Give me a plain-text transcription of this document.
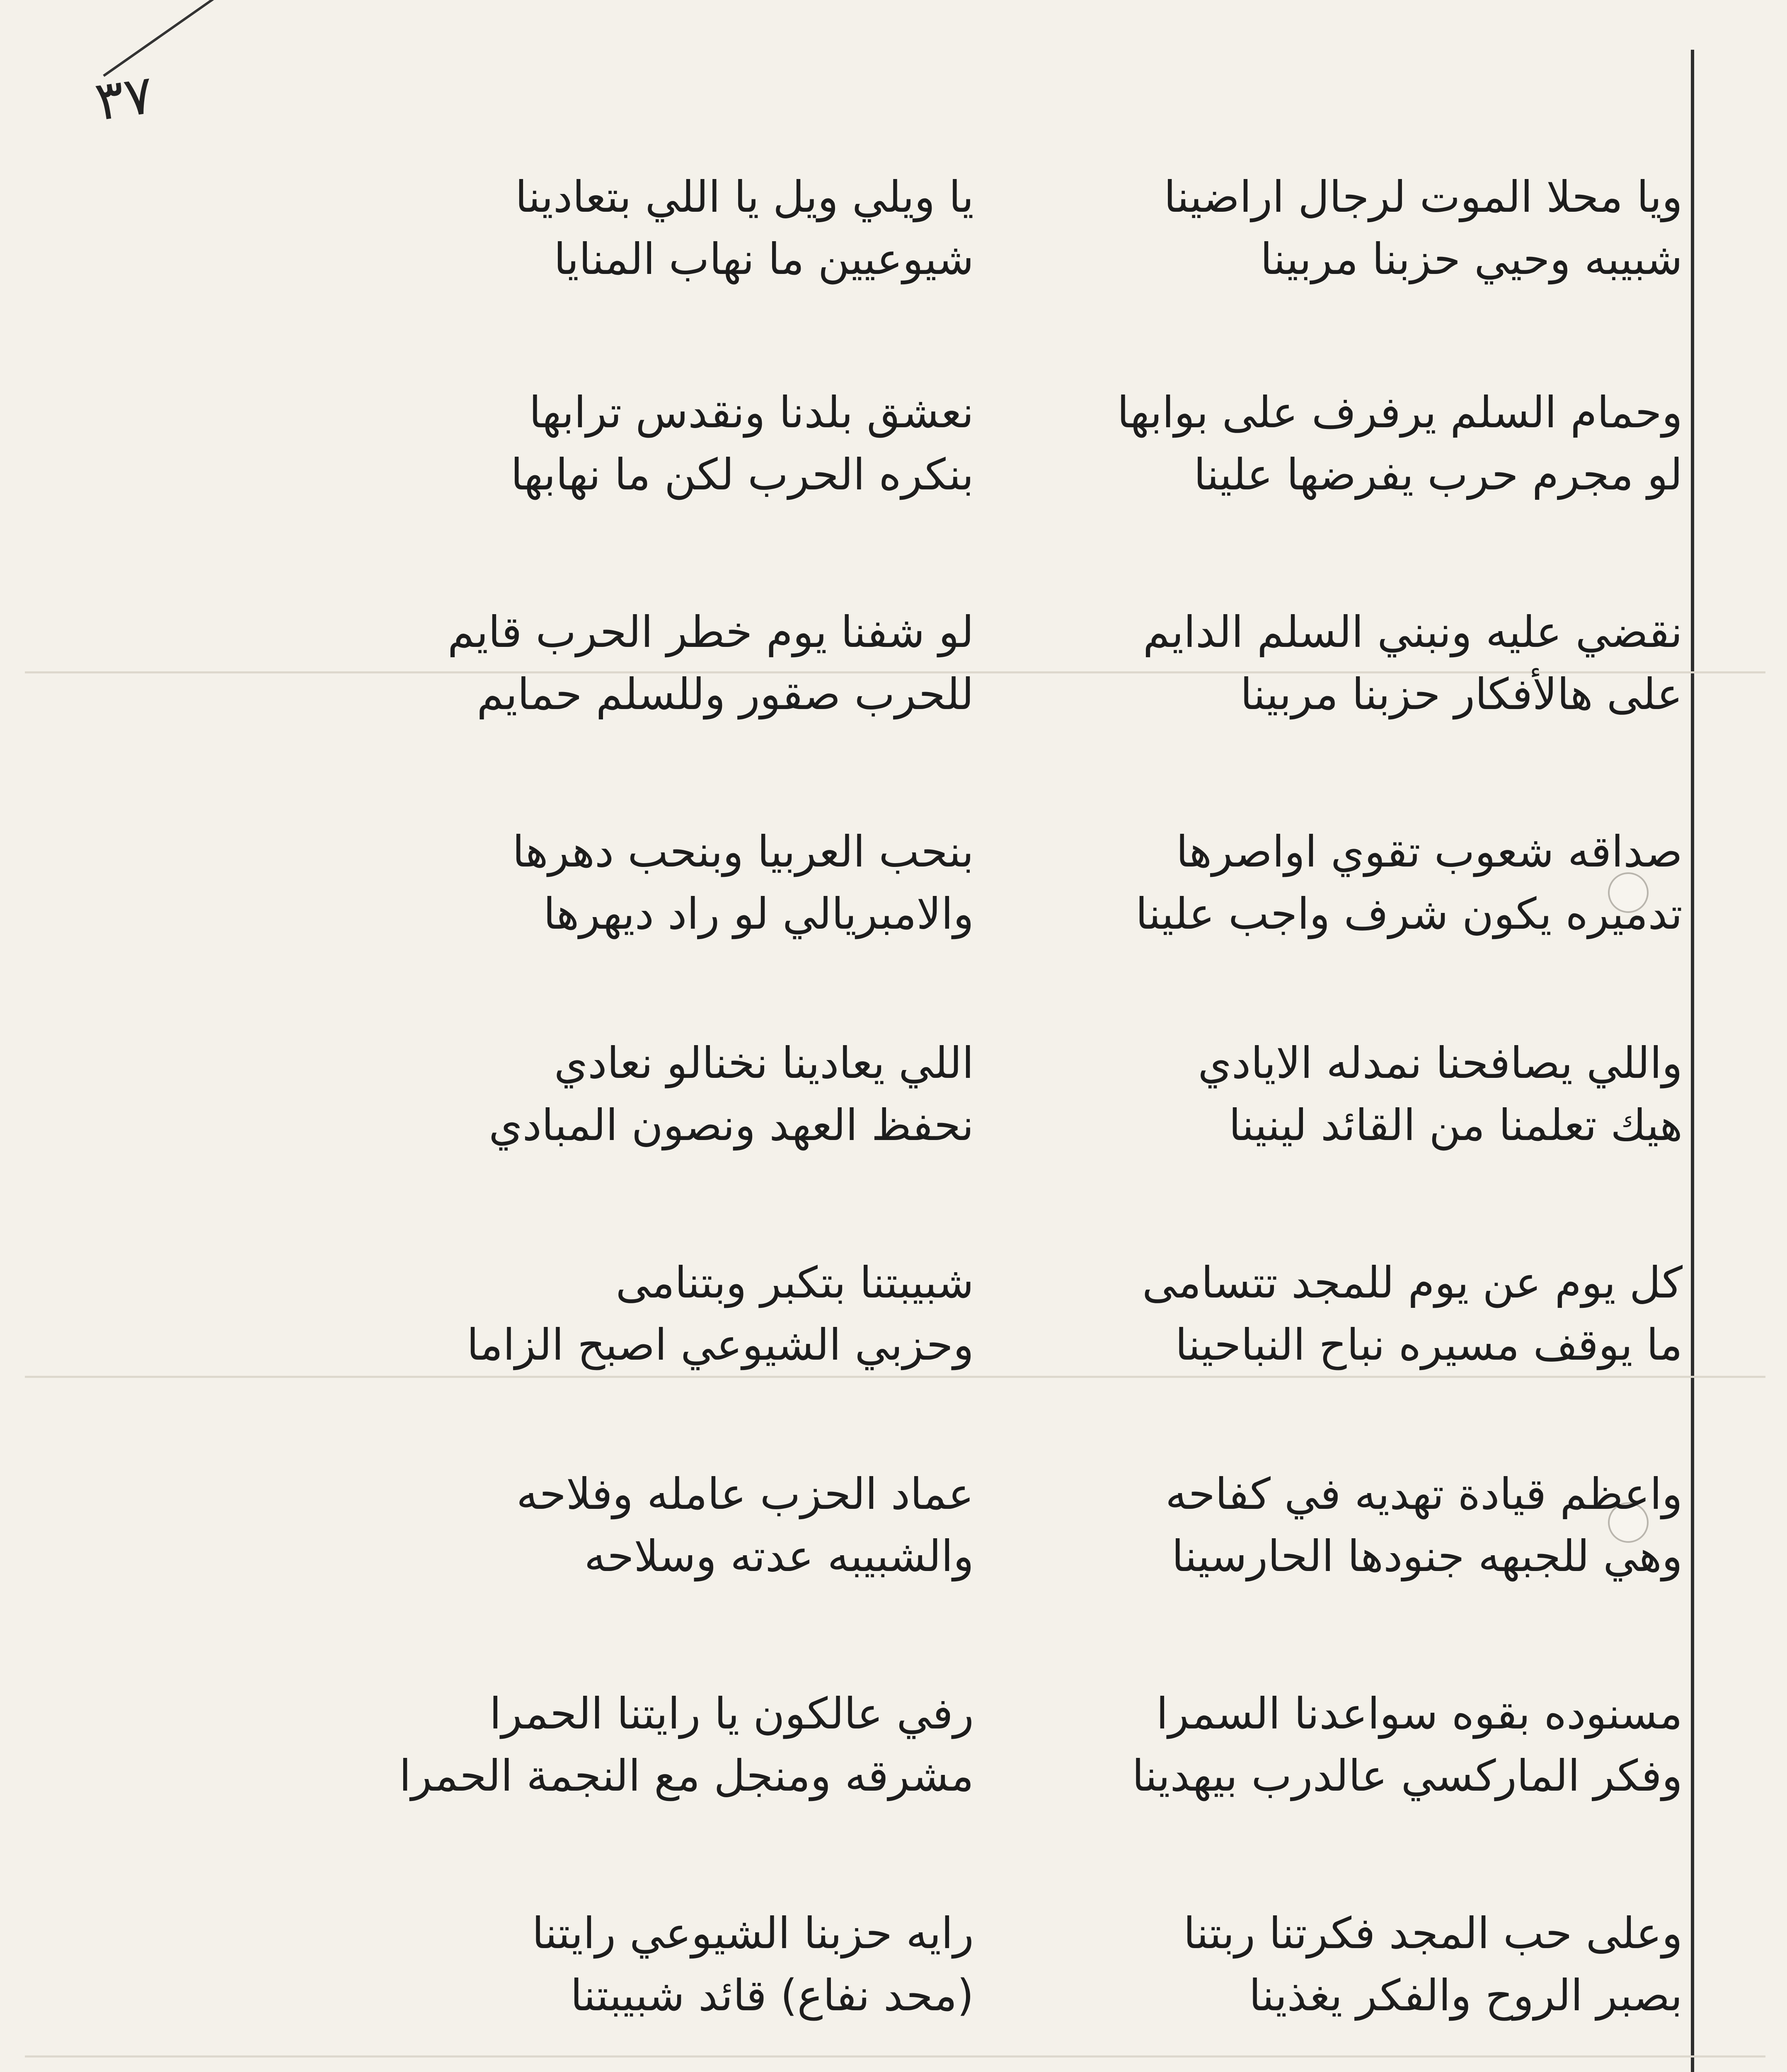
٣٧
يا ويلي ويل يا اللي بتعادينا	ويا محلا الموت لرجال اراضينا
شيوعيين ما نهاب المنايا	شبيبه وحيي حزبنا مربينا
نعشق بلدنا ونقدس ترابها	وحمام السلم يرفرف على بوابها
بنكره الحرب لكن ما نهابها	لو مجرم حرب يفرضها علينا
لو شفنا يوم خطر الحرب قايم	نقضي عليه ونبني السلم الدايم
للحرب صقور وللسلم حمايم	على هالأفكار حزبنا مربينا
بنحب العربيا وبنحب دهرها	صداقه شعوب تقوي اواصرها
والامبريالي لو راد ديهرها	تدميره يكون شرف واجب علينا
اللي يعادينا نخنالو نعادي	واللي يصافحنا نمدله الايادي
نحفظ العهد ونصون المبادي	هيك تعلمنا من القائد لينينا
شبيبتنا بتكبر وبتنامى	كل يوم عن يوم للمجد تتسامى
وحزبي الشيوعي اصبح الزاما	ما يوقف مسيره نباح النباحينا
عماد الحزب عامله وفلاحه	واعظم قيادة تهديه في كفاحه
والشبيبه عدته وسلاحه	وهي للجبهه جنودها الحارسينا
رفي عالكون يا رايتنا الحمرا	مسنوده بقوه سواعدنا السمرا
مشرقه ومنجل مع النجمة الحمرا	وفكر الماركسي عالدرب بيهدينا
رايه حزبنا الشيوعي رايتنا	وعلى حب المجد فكرتنا ربتنا
(محد نفاع) قائد شبيبتنا	بصبر الروح والفكر يغذينا
